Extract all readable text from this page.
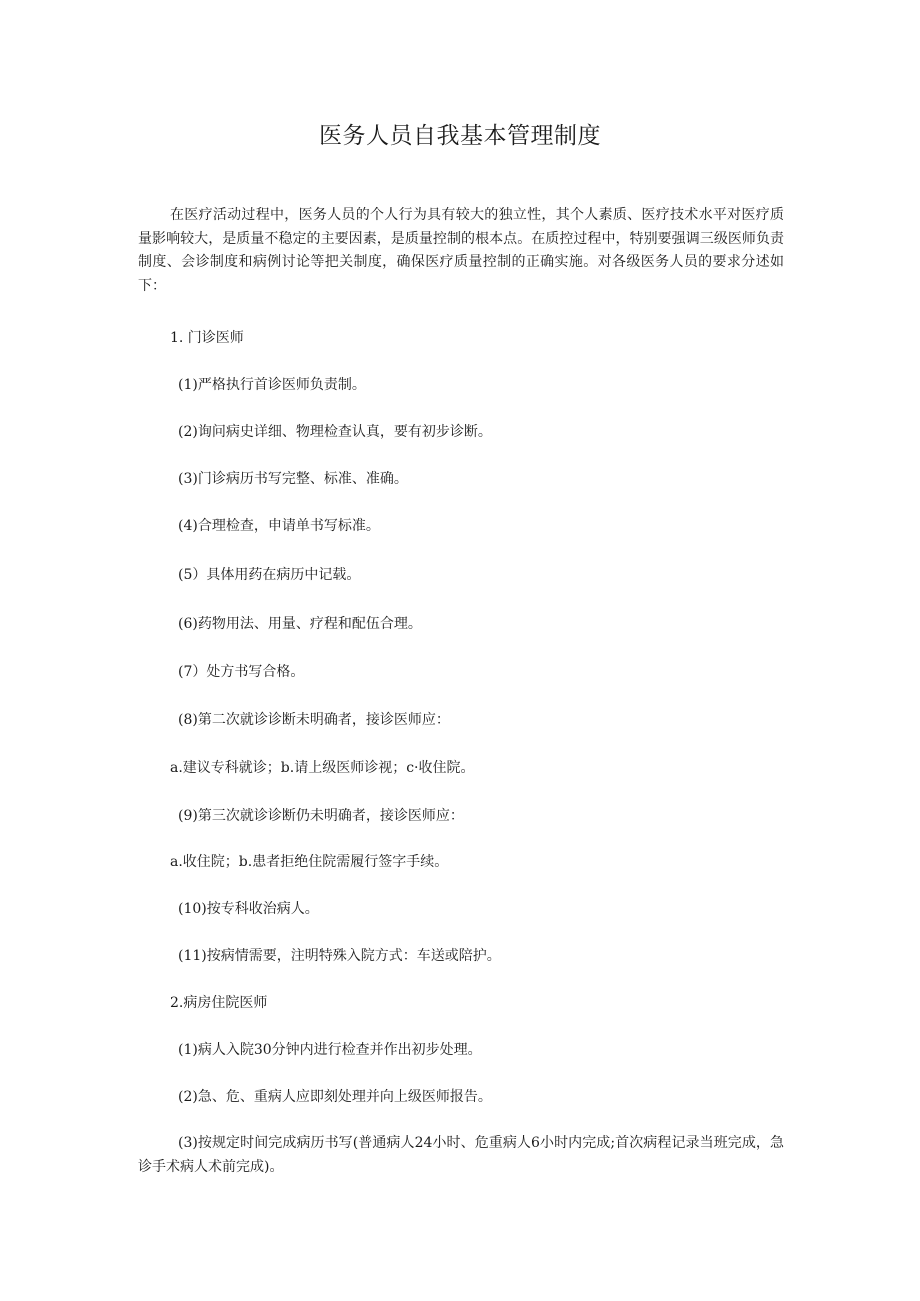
医务人员自我基本管理制度

在医疗活动过程中，医务人员的个人行为具有较大的独立性，其个人素质、医疗技术水平对医疗质量影响较大，是质量不稳定的主要因素，是质量控制的根本点。在质控过程中，特别要强调三级医师负责制度、会诊制度和病例讨论等把关制度，确保医疗质量控制的正确实施。对各级医务人员的要求分述如下：

1. 门诊医师

(1)严格执行首诊医师负责制。

(2)询问病史详细、物理检查认真，要有初步诊断。

(3)门诊病历书写完整、标准、准确。

(4)合理检查，申请单书写标准。

(5）具体用药在病历中记载。

(6)药物用法、用量、疗程和配伍合理。

(7）处方书写合格。

(8)第二次就诊诊断未明确者，接诊医师应：

a.建议专科就诊；b.请上级医师诊视；c·收住院。

(9)第三次就诊诊断仍未明确者，接诊医师应：

a.收住院；b.患者拒绝住院需履行签字手续。

(10)按专科收治病人。

(11)按病情需要，注明特殊入院方式：车送或陪护。

2.病房住院医师

(1)病人入院30分钟内进行检查并作出初步处理。

(2)急、危、重病人应即刻处理并向上级医师报告。

(3)按规定时间完成病历书写(普通病人24小时、危重病人6小时内完成;首次病程记录当班完成，急诊手术病人术前完成)。
